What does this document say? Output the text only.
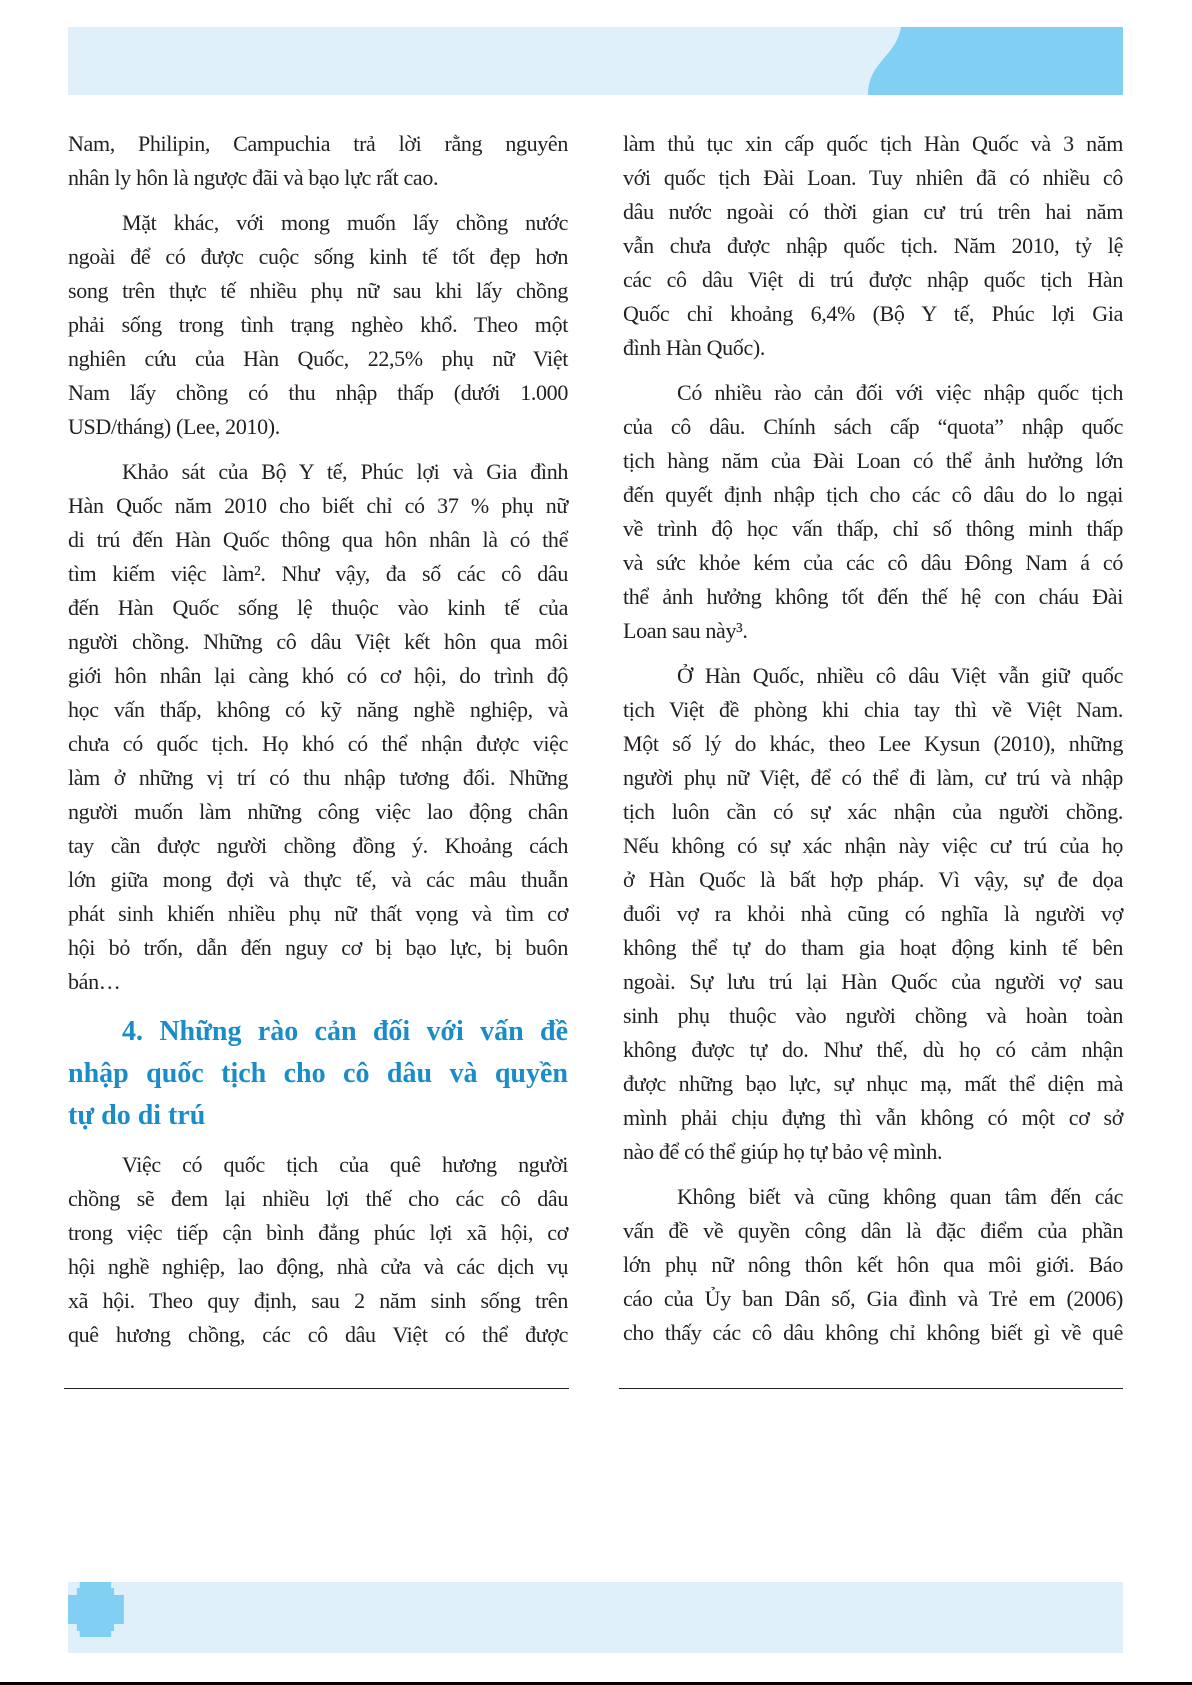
Nam, Philipin, Campuchia trả lời rằng nguyên
nhân ly hôn là ngược đãi và bạo lực rất cao.
Mặt khác, với mong muốn lấy chồng nước
ngoài để có được cuộc sống kinh tế tốt đẹp hơn
song trên thực tế nhiều phụ nữ sau khi lấy chồng
phải sống trong tình trạng nghèo khổ. Theo một
nghiên cứu của Hàn Quốc, 22,5% phụ nữ Việt
Nam lấy chồng có thu nhập thấp (dưới 1.000
USD/tháng) (Lee, 2010).
Khảo sát của Bộ Y tế, Phúc lợi và Gia đình
Hàn Quốc năm 2010 cho biết chỉ có 37 % phụ nữ
di trú đến Hàn Quốc thông qua hôn nhân là có thể
tìm kiếm việc làm². Như vậy, đa số các cô dâu
đến Hàn Quốc sống lệ thuộc vào kinh tế của
người chồng. Những cô dâu Việt kết hôn qua môi
giới hôn nhân lại càng khó có cơ hội, do trình độ
học vấn thấp, không có kỹ năng nghề nghiệp, và
chưa có quốc tịch. Họ khó có thể nhận được việc
làm ở những vị trí có thu nhập tương đối. Những
người muốn làm những công việc lao động chân
tay cần được người chồng đồng ý. Khoảng cách
lớn giữa mong đợi và thực tế, và các mâu thuẫn
phát sinh khiến nhiều phụ nữ thất vọng và tìm cơ
hội bỏ trốn, dẫn đến nguy cơ bị bạo lực, bị buôn
bán…
4. Những rào cản đối với vấn đề
nhập quốc tịch cho cô dâu và quyền
tự do di trú
Việc có quốc tịch của quê hương người
chồng sẽ đem lại nhiều lợi thế cho các cô dâu
trong việc tiếp cận bình đẳng phúc lợi xã hội, cơ
hội nghề nghiệp, lao động, nhà cửa và các dịch vụ
xã hội. Theo quy định, sau 2 năm sinh sống trên
quê hương chồng, các cô dâu Việt có thể được
làm thủ tục xin cấp quốc tịch Hàn Quốc và 3 năm
với quốc tịch Đài Loan. Tuy nhiên đã có nhiều cô
dâu nước ngoài có thời gian cư trú trên hai năm
vẫn chưa được nhập quốc tịch. Năm 2010, tỷ lệ
các cô dâu Việt di trú được nhập quốc tịch Hàn
Quốc chỉ khoảng 6,4% (Bộ Y tế, Phúc lợi Gia
đình Hàn Quốc).
Có nhiều rào cản đối với việc nhập quốc tịch
của cô dâu. Chính sách cấp “quota” nhập quốc
tịch hàng năm của Đài Loan có thể ảnh hưởng lớn
đến quyết định nhập tịch cho các cô dâu do lo ngại
về trình độ học vấn thấp, chỉ số thông minh thấp
và sức khỏe kém của các cô dâu Đông Nam á có
thể ảnh hưởng không tốt đến thế hệ con cháu Đài
Loan sau này³.
Ở Hàn Quốc, nhiều cô dâu Việt vẫn giữ quốc
tịch Việt đề phòng khi chia tay thì về Việt Nam.
Một số lý do khác, theo Lee Kysun (2010), những
người phụ nữ Việt, để có thể đi làm, cư trú và nhập
tịch luôn cần có sự xác nhận của người chồng.
Nếu không có sự xác nhận này việc cư trú của họ
ở Hàn Quốc là bất hợp pháp. Vì vậy, sự đe dọa
đuổi vợ ra khỏi nhà cũng có nghĩa là người vợ
không thể tự do tham gia hoạt động kinh tế bên
ngoài. Sự lưu trú lại Hàn Quốc của người vợ sau
sinh phụ thuộc vào người chồng và hoàn toàn
không được tự do. Như thế, dù họ có cảm nhận
được những bạo lực, sự nhục mạ, mất thể diện mà
mình phải chịu đựng thì vẫn không có một cơ sở
nào để có thể giúp họ tự bảo vệ mình.
Không biết và cũng không quan tâm đến các
vấn đề về quyền công dân là đặc điểm của phần
lớn phụ nữ nông thôn kết hôn qua môi giới. Báo
cáo của Ủy ban Dân số, Gia đình và Trẻ em (2006)
cho thấy các cô dâu không chỉ không biết gì về quê
